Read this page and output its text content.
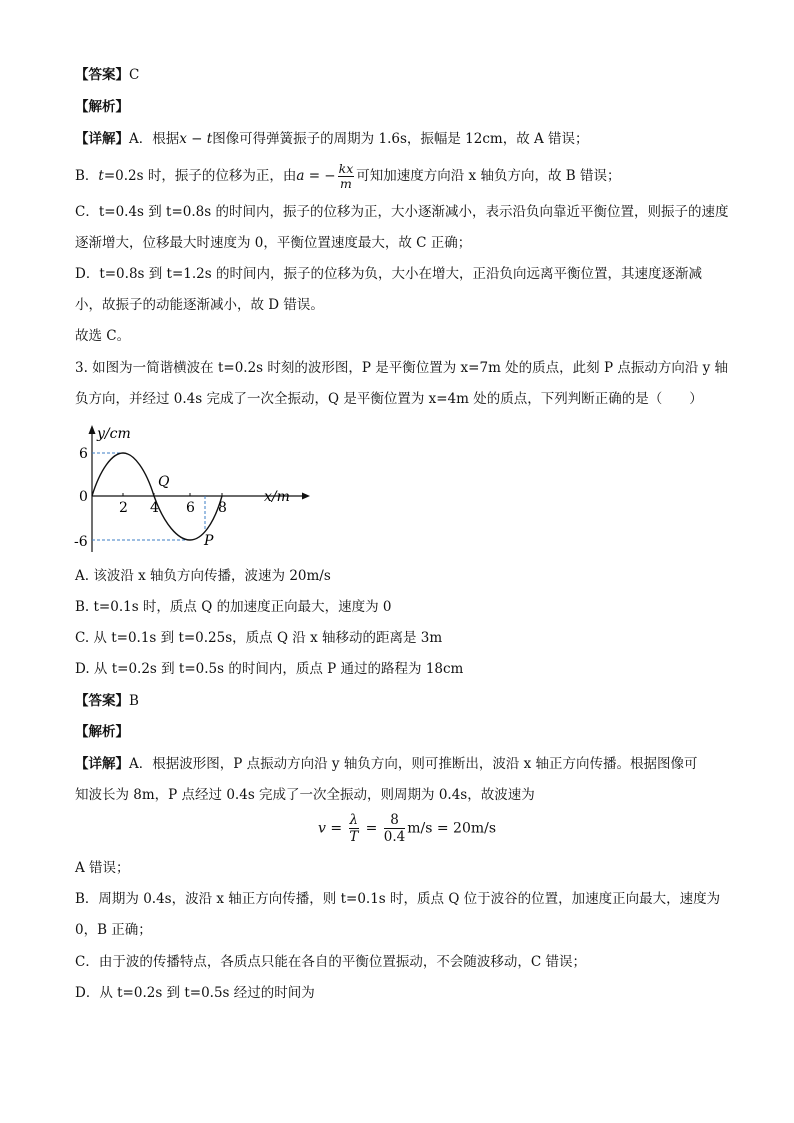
【答案】C
【解析】
【详解】A．根据x − t图像可得弹簧振子的周期为 1.6s，振幅是 12cm，故 A 错误；
B．t=0.2s 时，振子的位移为正，由a = − $\frac{kx}{m}$ 可知加速度方向沿 x 轴负方向，故 B 错误；
C．t=0.4s 到 t=0.8s 的时间内，振子的位移为正，大小逐渐减小，表示沿负向靠近平衡位置，则振子的速度
逐渐增大，位移最大时速度为 0，平衡位置速度最大，故 C 正确；
D．t=0.8s 到 t=1.2s 的时间内，振子的位移为负，大小在增大，正沿负向远离平衡位置，其速度逐渐减
小，故振子的动能逐渐减小，故 D 错误。
故选 C。
3. 如图为一简谐横波在 t=0.2s 时刻的波形图，P 是平衡位置为 x=7m 处的质点，此刻 P 点振动方向沿 y 轴
负方向，并经过 0.4s 完成了一次全振动，Q 是平衡位置为 x=4m 处的质点，下列判断正确的是（　　）
y/cm
x/m
6
0
-6
2 4 6 8
Q
P
A. 该波沿 x 轴负方向传播，波速为 20m/s
B. t=0.1s 时，质点 Q 的加速度正向最大，速度为 0
C. 从 t=0.1s 到 t=0.25s，质点 Q 沿 x 轴移动的距离是 3m
D. 从 t=0.2s 到 t=0.5s 的时间内，质点 P 通过的路程为 18cm
【答案】B
【解析】
【详解】A．根据波形图，P 点振动方向沿 y 轴负方向，则可推断出，波沿 x 轴正方向传播。根据图像可
知波长为 8m，P 点经过 0.4s 完成了一次全振动，则周期为 0.4s，故波速为
$v = \frac{\lambda}{T} = \frac{8}{0.4} m/s = 20m/s$
A 错误；
B．周期为 0.4s，波沿 x 轴正方向传播，则 t=0.1s 时，质点 Q 位于波谷的位置，加速度正向最大，速度为
0，B 正确；
C．由于波的传播特点，各质点只能在各自的平衡位置振动，不会随波移动，C 错误；
D．从 t=0.2s 到 t=0.5s 经过的时间为
